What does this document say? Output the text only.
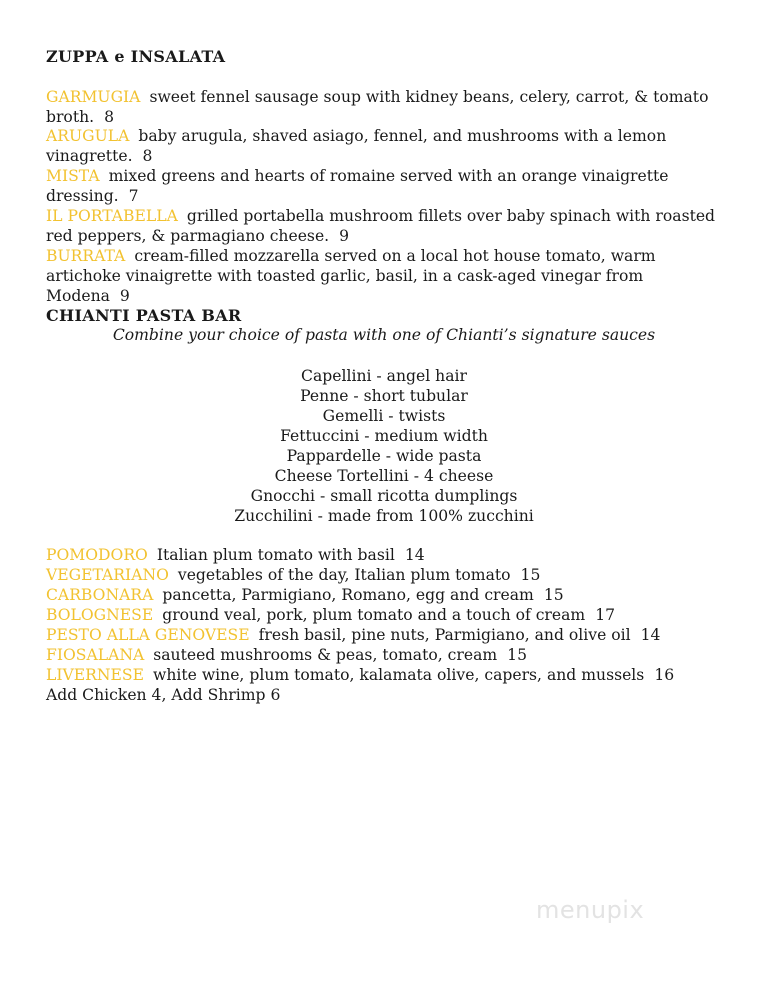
ZUPPA e INSALATA
GARMUGIA sweet fennel sausage soup with kidney beans, celery, carrot, & tomato broth. 8
ARUGULA baby arugula, shaved asiago, fennel, and mushrooms with a lemon vinagrette. 8
MISTA mixed greens and hearts of romaine served with an orange vinaigrette dressing. 7
IL PORTABELLA grilled portabella mushroom fillets over baby spinach with roasted red peppers, & parmagiano cheese. 9
BURRATA cream-filled mozzarella served on a local hot house tomato, warm artichoke vinaigrette with toasted garlic, basil, in a cask-aged vinegar from Modena 9
CHIANTI PASTA BAR
Combine your choice of pasta with one of Chianti’s signature sauces
Capellini - angel hair
Penne - short tubular
Gemelli - twists
Fettuccini - medium width
Pappardelle - wide pasta
Cheese Tortellini - 4 cheese
Gnocchi - small ricotta dumplings
Zucchilini - made from 100% zucchini
POMODORO Italian plum tomato with basil 14
VEGETARIANO vegetables of the day, Italian plum tomato 15
CARBONARA pancetta, Parmigiano, Romano, egg and cream 15
BOLOGNESE ground veal, pork, plum tomato and a touch of cream 17
PESTO ALLA GENOVESE fresh basil, pine nuts, Parmigiano, and olive oil 14
FIOSALANA sauteed mushrooms & peas, tomato, cream 15
LIVERNESE white wine, plum tomato, kalamata olive, capers, and mussels 16
Add Chicken 4, Add Shrimp 6
menupix
